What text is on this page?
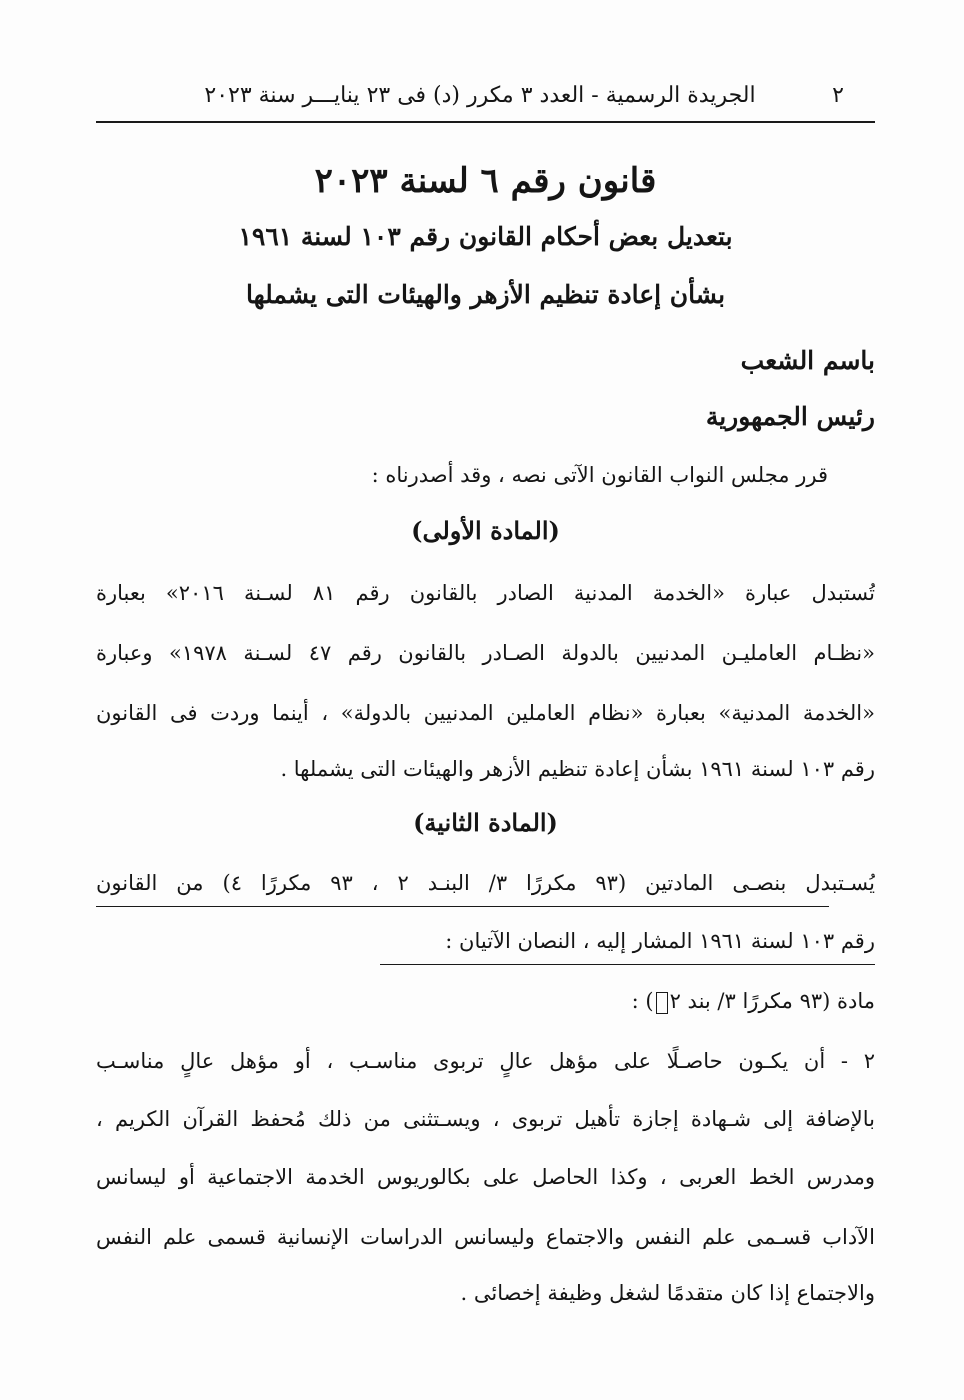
٢
الجريدة الرسمية - العدد ٣ مكرر (د) فى ٢٣ ينايـــر سنة ٢٠٢٣
قانون رقم ٦ لسنة ٢٠٢٣
بتعديل بعض أحكام القانون رقم ١٠٣ لسنة ١٩٦١
بشأن إعادة تنظيم الأزهر والهيئات التى يشملها
باسم الشعب
رئيس الجمهورية
قرر مجلس النواب القانون الآتى نصه ، وقد أصدرناه :
(المادة الأولى)
تُستبدل عبارة «الخدمة المدنية الصادر بالقانون رقم ٨١ لسـنة ٢٠١٦» بعبارة
«نظـام العامليـن المدنيين بالدولة الصـادر بالقانون رقم ٤٧ لسـنة ١٩٧٨» وعبارة
«الخدمة المدنية» بعبارة «نظام العاملين المدنيين بالدولة» ، أينما وردت فى القانون
رقم ١٠٣ لسنة ١٩٦١ بشأن إعادة تنظيم الأزهر والهيئات التى يشملها .
(المادة الثانية)
يُسـتبدل بنصـى المادتين (٩٣ مكررًا ٣/ البنـد ٢ ، ٩٣ مكررًا ٤) من القانون
رقم ١٠٣ لسنة ١٩٦١ المشار إليه ، النصان الآتيان :
مادة (٩٣ مكررًا ٣/ بند ٢) :
٢ - أن يكـون حاصـلًا على مؤهل عالٍ تربوى مناسـب ، أو مؤهل عالٍ مناسـب
بالإضافة إلى شـهادة إجازة تأهيل تربوى ، ويسـتثنى من ذلك مُحفظ القرآن الكريم ،
ومدرس الخط العربى ، وكذا الحاصل على بكالوريوس الخدمة الاجتماعية أو ليسانس
الآداب قسـمى علم النفس والاجتماع وليسانس الدراسات الإنسانية قسمى علم النفس
والاجتماع إذا كان متقدمًا لشغل وظيفة إخصائى .
